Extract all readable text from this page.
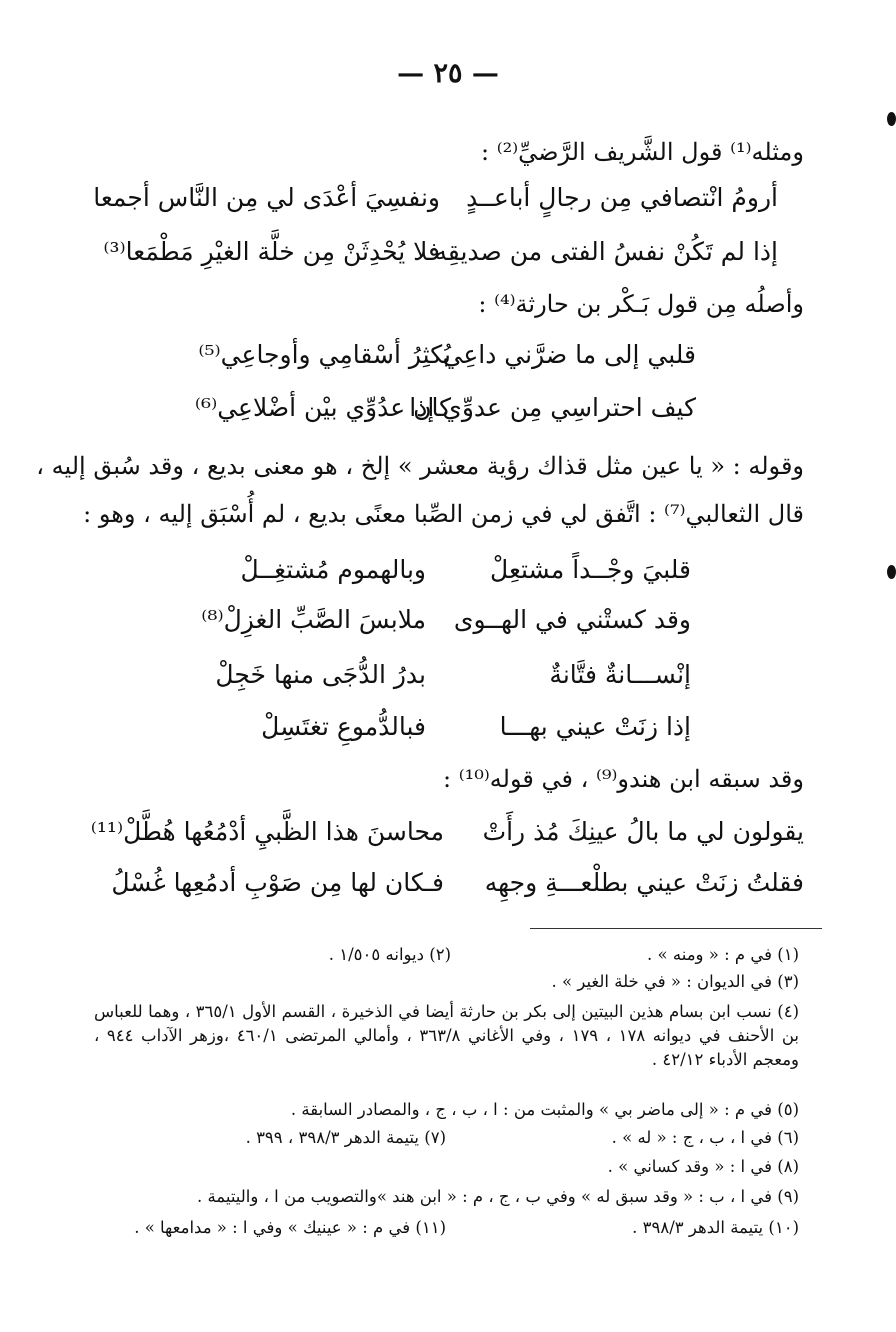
— ٢٥ —
ومثله⁽¹⁾ قول الشَّريف الرَّضيِّ⁽²⁾ :
أرومُ انْتصافي مِن رجالٍ أباعــدٍ
ونفسِيَ أعْدَى لي مِن النَّاس أجمعا
إذا لم تَكُنْ نفسُ الفتى من صديقِه
فلا يُحْدِثَنْ مِن خلَّة الغيْرِ مَطْمَعا⁽³⁾
وأصلُه مِن قول بَـكْر بن حارثة⁽⁴⁾ :
قلبي إلى ما ضرَّني داعِي
يُكثِرُ أسْقامِي وأوجاعِي⁽⁵⁾
كيف احتراسِي مِن عدوِّي إذا
كان عدُوِّي بيْن أضْلاعِي⁽⁶⁾
وقوله : « يا عين مثل قذاك رؤية معشر » إلخ ، هو معنى بديع ، وقد سُبق إليه ،
قال الثعالبي⁽⁷⁾ : اتَّفق لي في زمن الصِّبا معنًى بديع ، لم أُسْبَق إليه ، وهو :
قلبيَ وجْــداً مشتعِلْ
وبالهموم مُشتغِــلْ
وقد كستْني في الهــوى
ملابسَ الصَّبِّ الغزِلْ⁽⁸⁾
إنْســـانةٌ فتَّانةٌ
بدرُ الدُّجَى منها خَجِلْ
إذا زنَتْ عيني بهـــا
فبالدُّموعِ تغتَسِلْ
وقد سبقه ابن هندو⁽⁹⁾ ، في قوله⁽¹⁰⁾ :
يقولون لي ما بالُ عينِكَ مُذ رأَتْ
محاسنَ هذا الظَّبيِ أدْمُعُها هُطَّلْ⁽¹¹⁾
فقلتُ زنَتْ عيني بطلْعـــةِ وجهِه
فـكان لها مِن صَوْبِ أدمُعِها غُسْلُ
(١) في م : « ومنه » .
(٢) ديوانه ١/٥٠٥ .
(٣) في الديوان : « في خلة الغير » .
(٤) نسب ابن بسام هذين البيتين إلى بكر بن حارثة أيضا في الذخيرة ، القسم الأول ٣٦٥/١ ، وهما للعباس بن الأحنف في ديوانه ١٧٨ ، ١٧٩ ، وفي الأغاني ٣٦٣/٨ ، وأمالي المرتضى ٤٦٠/١ ،وزهر الآداب ٩٤٤ ، ومعجم الأدباء ٤٢/١٢ .
(٥) في م : « إلى ماضر بي » والمثبت من : ا ، ب ، ج ، والمصادر السابقة .
(٦) في ا ، ب ، ج : « له » .
(٧) يتيمة الدهر ٣٩٨/٣ ، ٣٩٩ .
(٨) في ا : « وقد كساني » .
(٩) في ا ، ب : « وقد سبق له » وفي ب ، ج ، م : « ابن هند »والتصويب من ا ، واليتيمة .
(١٠) يتيمة الدهر ٣٩٨/٣ .
(١١) في م : « عينيك » وفي ا : « مدامعها » .
